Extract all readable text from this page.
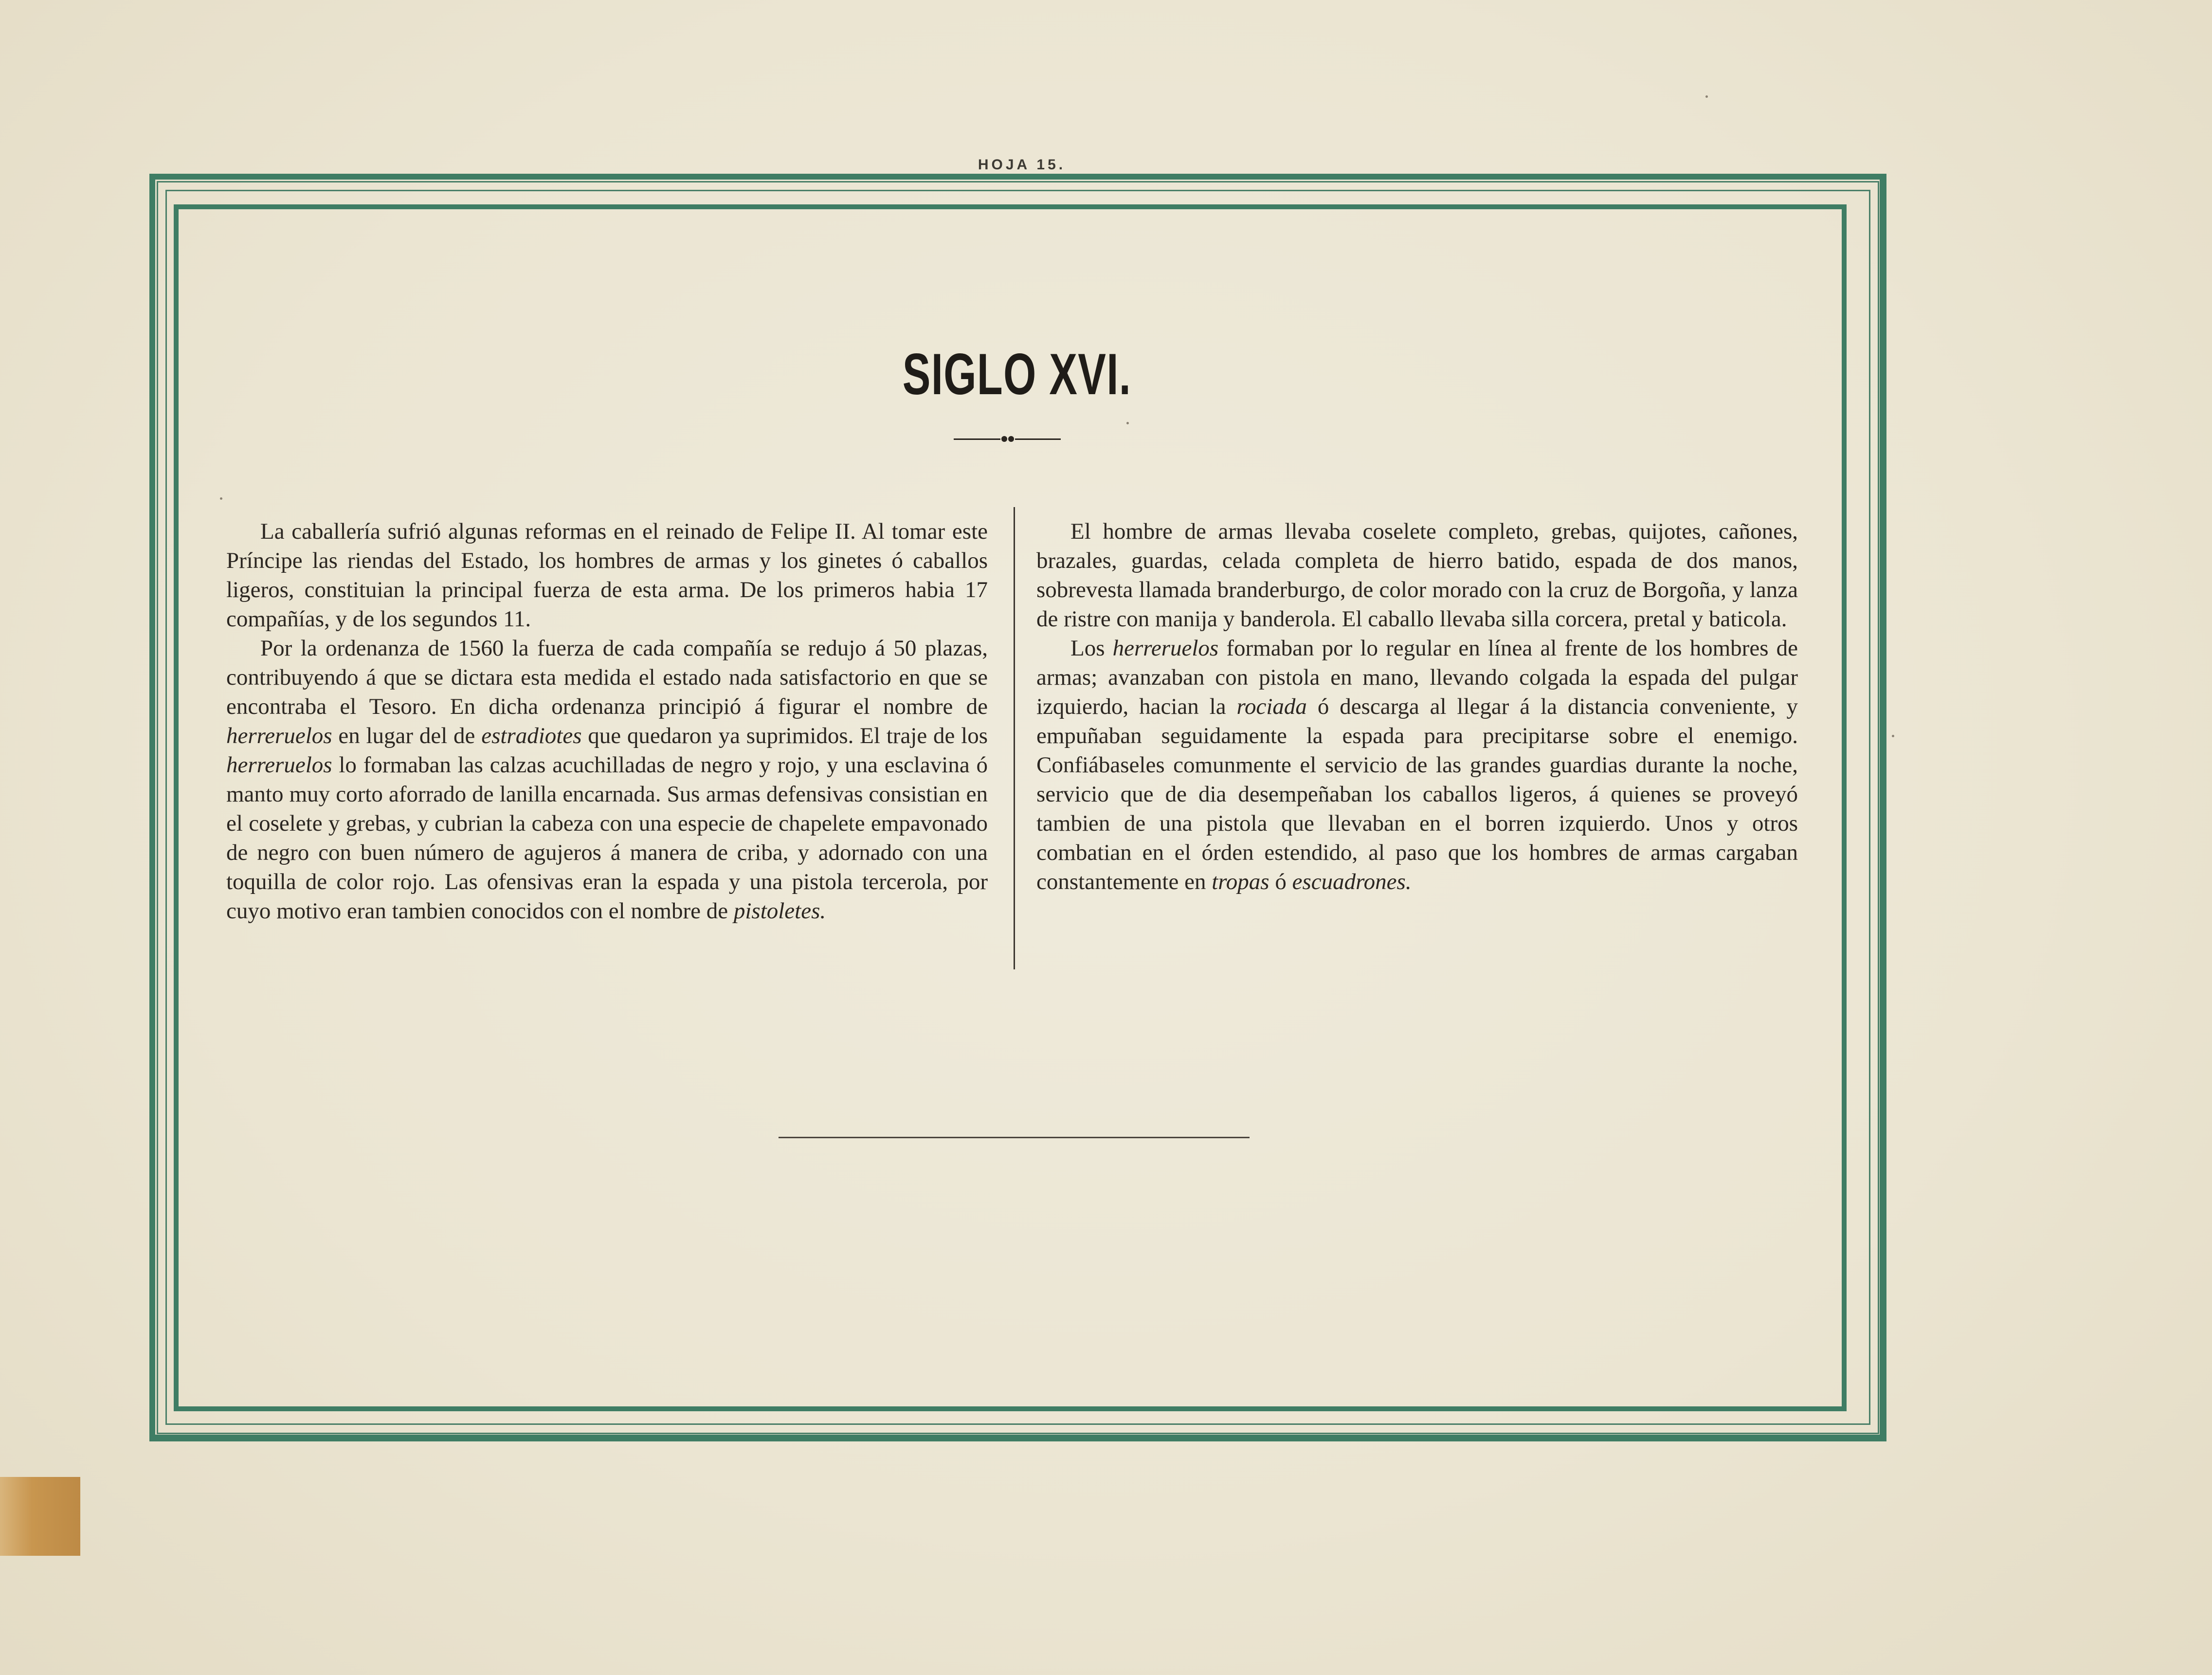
HOJA 15.
SIGLO XVI.

La caballería sufrió algunas reformas en el reinado de Felipe II. Al tomar este Príncipe las riendas del Estado, los hombres de armas y los ginetes ó caballos ligeros, constituian la principal fuerza de esta arma. De los primeros habia 17 compañías, y de los segundos 11.

Por la ordenanza de 1560 la fuerza de cada compañía se redujo á 50 plazas, contribuyendo á que se dictara esta medida el estado nada satisfactorio en que se encontraba el Tesoro. En dicha ordenanza principió á figurar el nombre de herreruelos en lugar del de estradiotes que quedaron ya suprimidos. El traje de los herreruelos lo formaban las calzas acuchilladas de negro y rojo, y una esclavina ó manto muy corto aforrado de lanilla encarnada. Sus armas defensivas consistian en el coselete y grebas, y cubrian la cabeza con una especie de chapelete empavonado de negro con buen número de agujeros á manera de criba, y adornado con una toquilla de color rojo. Las ofensivas eran la espada y una pistola tercerola, por cuyo motivo eran tambien conocidos con el nombre de pistoletes.

El hombre de armas llevaba coselete completo, grebas, quijotes, cañones, brazales, guardas, celada completa de hierro batido, espada de dos manos, sobrevesta llamada branderburgo, de color morado con la cruz de Borgoña, y lanza de ristre con manija y banderola. El caballo llevaba silla corcera, pretal y baticola.

Los herreruelos formaban por lo regular en línea al frente de los hombres de armas; avanzaban con pistola en mano, llevando colgada la espada del pulgar izquierdo, hacian la rociada ó descarga al llegar á la distancia conveniente, y empuñaban seguidamente la espada para precipitarse sobre el enemigo. Confiábaseles comunmente el servicio de las grandes guardias durante la noche, servicio que de dia desempeñaban los caballos ligeros, á quienes se proveyó tambien de una pistola que llevaban en el borren izquierdo. Unos y otros combatian en el órden estendido, al paso que los hombres de armas cargaban constantemente en tropas ó escuadrones.
